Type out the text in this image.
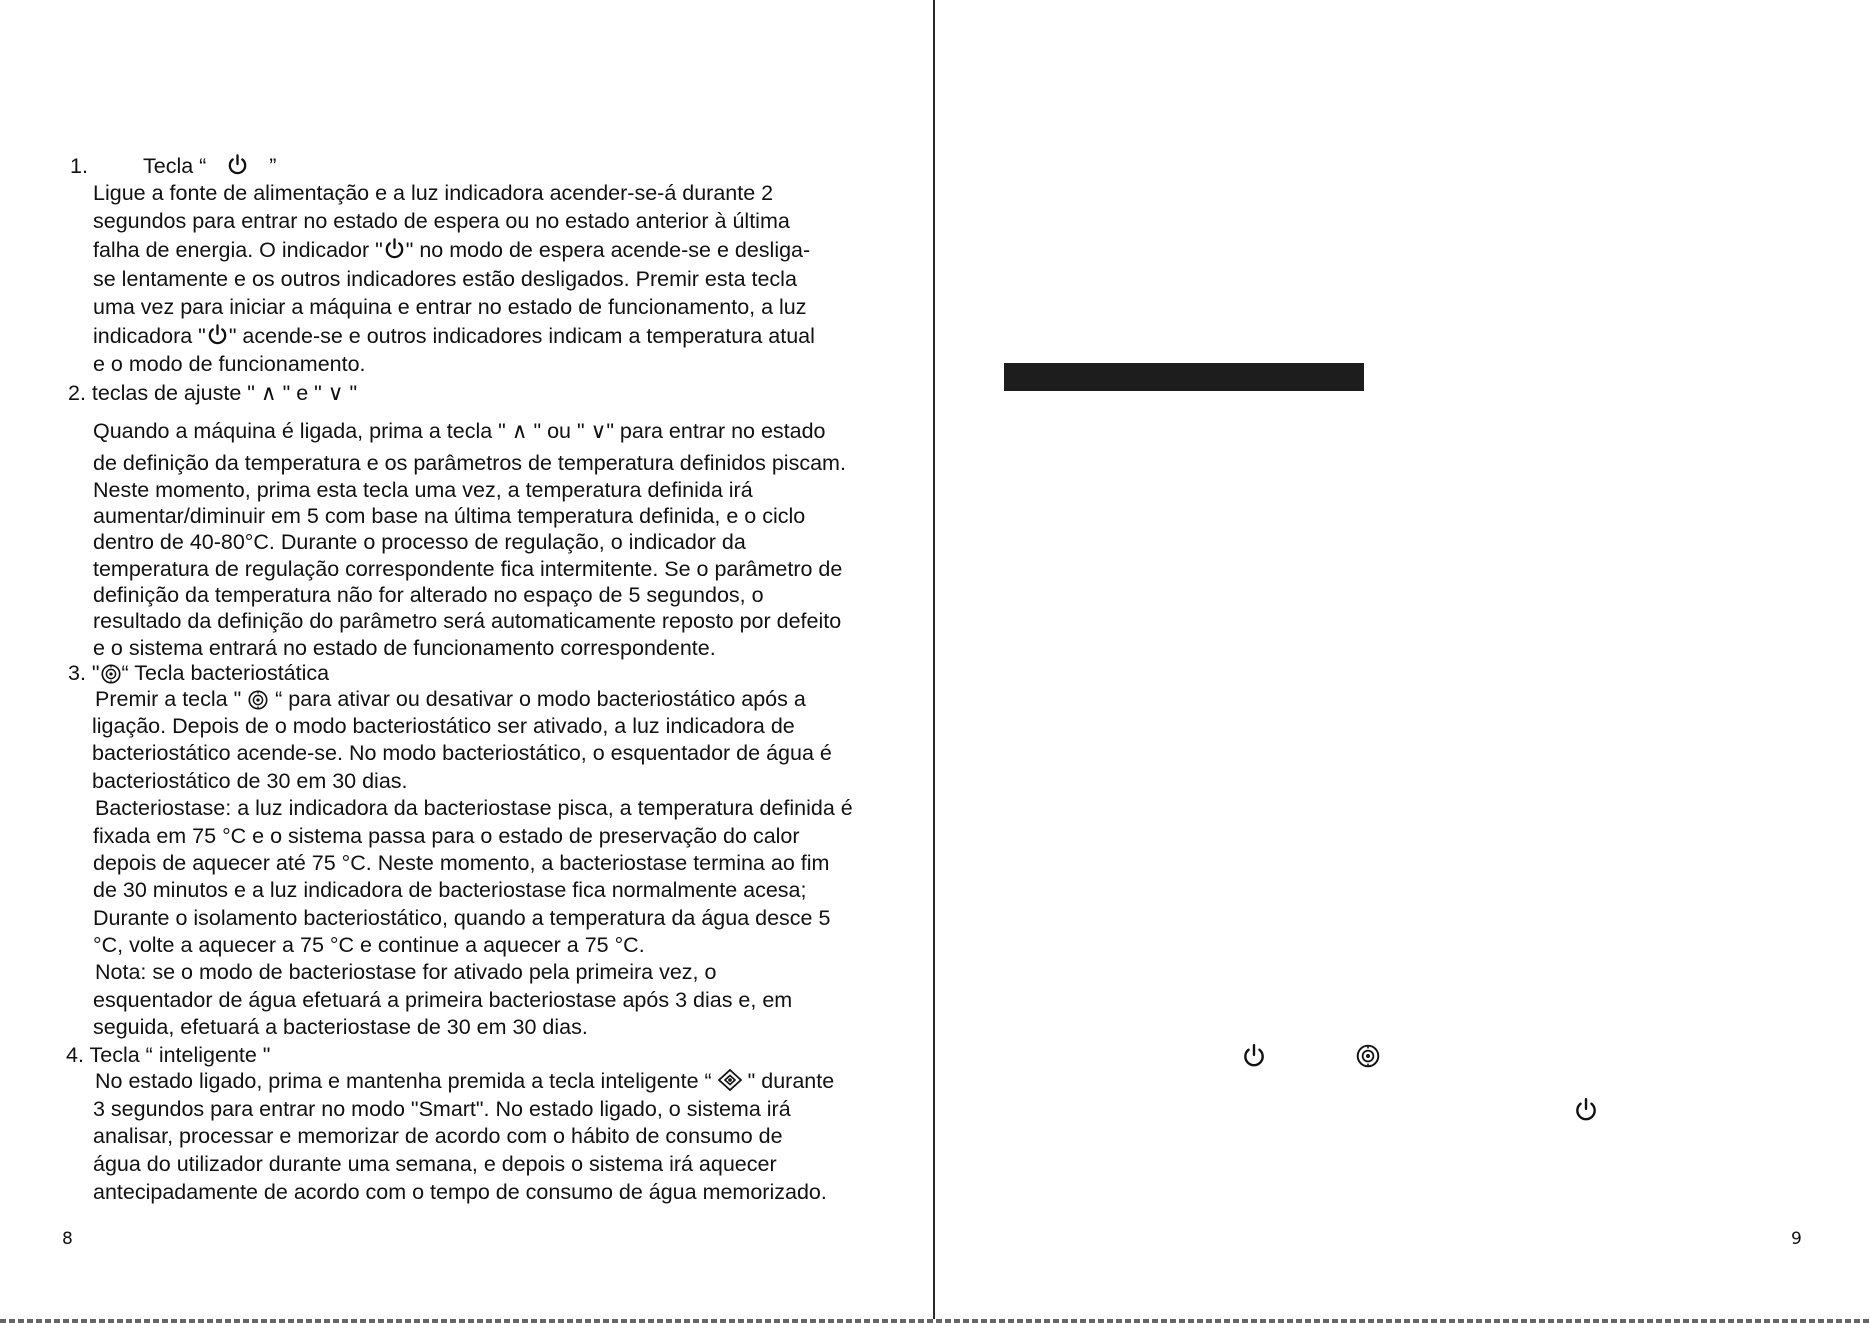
1.	Tecla “	”
Ligue a fonte de alimentação e a luz indicadora acender-se-á durante 2
segundos para entrar no estado de espera ou no estado anterior à última
falha de energia. O indicador " " no modo de espera acende-se e desliga-
se lentamente e os outros indicadores estão desligados. Premir esta tecla
uma vez para iniciar a máquina e entrar no estado de funcionamento, a luz
indicadora " " acende-se e outros indicadores indicam a temperatura atual
e o modo de funcionamento.
2. teclas de ajuste " ∧ " e " ∨ "
Quando a máquina é ligada, prima a tecla " ∧ " ou " ∨" para entrar no estado
de definição da temperatura e os parâmetros de temperatura definidos piscam.
Neste momento, prima esta tecla uma vez, a temperatura definida irá
aumentar/diminuir em 5 com base na última temperatura definida, e o ciclo
dentro de 40-80°C. Durante o processo de regulação, o indicador da
temperatura de regulação correspondente fica intermitente. Se o parâmetro de
definição da temperatura não for alterado no espaço de 5 segundos, o
resultado da definição do parâmetro será automaticamente reposto por defeito
e o sistema entrará no estado de funcionamento correspondente.
3. " “ Tecla bacteriostática
Premir a tecla "  “ para ativar ou desativar o modo bacteriostático após a
ligação. Depois de o modo bacteriostático ser ativado, a luz indicadora de
bacteriostático acende-se. No modo bacteriostático, o esquentador de água é
bacteriostático de 30 em 30 dias.
Bacteriostase: a luz indicadora da bacteriostase pisca, a temperatura definida é
fixada em 75 °C e o sistema passa para o estado de preservação do calor
depois de aquecer até 75 °C. Neste momento, a bacteriostase termina ao fim
de 30 minutos e a luz indicadora de bacteriostase fica normalmente acesa;
Durante o isolamento bacteriostático, quando a temperatura da água desce 5
°C, volte a aquecer a 75 °C e continue a aquecer a 75 °C.
Nota: se o modo de bacteriostase for ativado pela primeira vez, o
esquentador de água efetuará a primeira bacteriostase após 3 dias e, em
seguida, efetuará a bacteriostase de 30 em 30 dias.
4. Tecla “ inteligente "
No estado ligado, prima e mantenha premida a tecla inteligente “  " durante
3 segundos para entrar no modo "Smart". No estado ligado, o sistema irá
analisar, processar e memorizar de acordo com o hábito de consumo de
água do utilizador durante uma semana, e depois o sistema irá aquecer
antecipadamente de acordo com o tempo de consumo de água memorizado.
8	9
